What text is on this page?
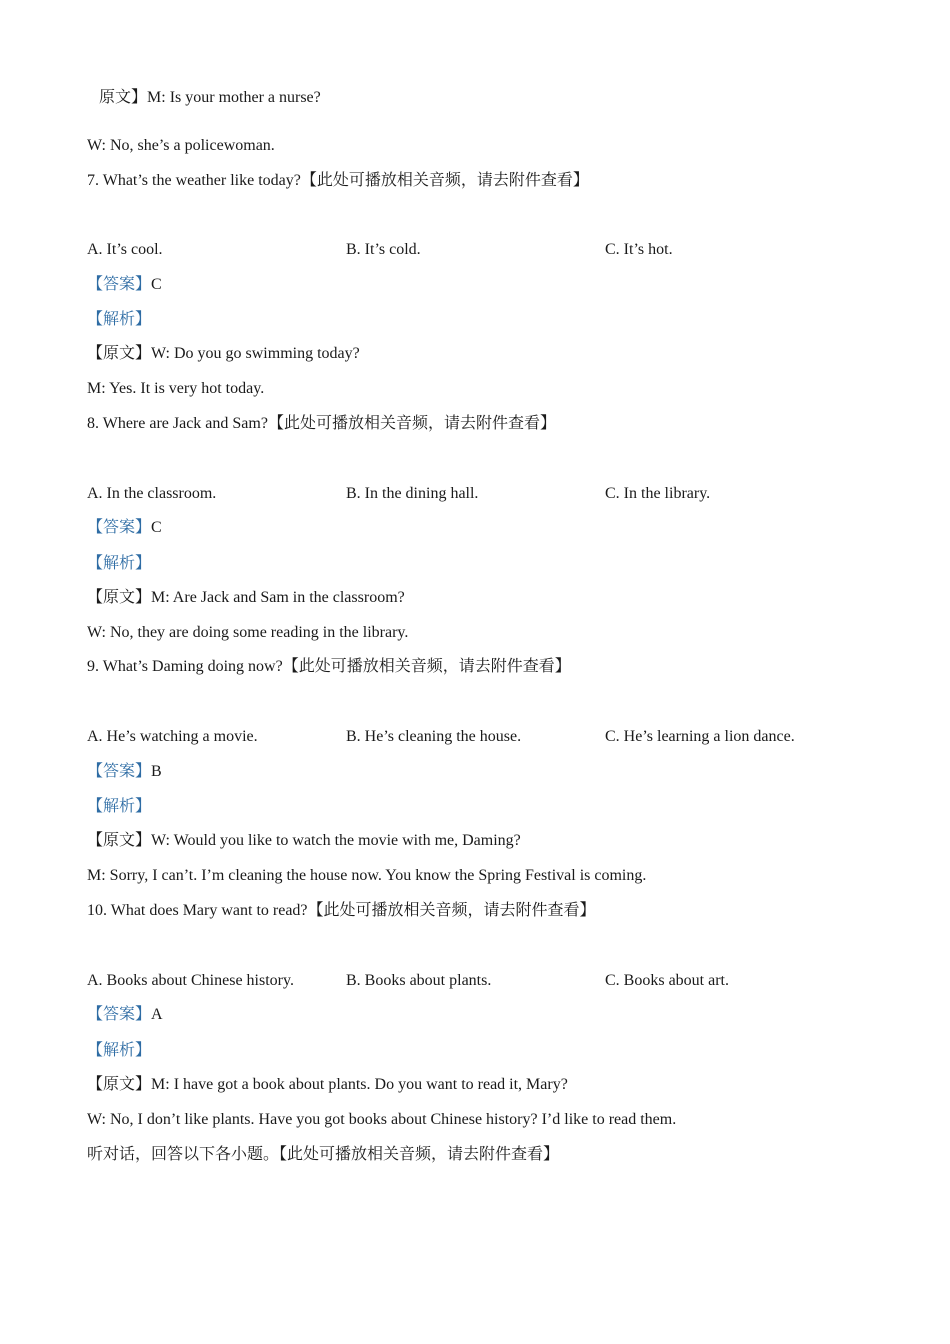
原文】M: Is your mother a nurse?
W: No, she’s a policewoman.
7. What’s the weather like today?【此处可播放相关音频，请去附件查看】
A. It’s cool.	B. It’s cold.	C. It’s hot.
【答案】C
【解析】
【原文】W: Do you go swimming today?
M: Yes. It is very hot today.
8. Where are Jack and Sam?【此处可播放相关音频，请去附件查看】
A. In the classroom.	B. In the dining hall.	C. In the library.
【答案】C
【解析】
【原文】M: Are Jack and Sam in the classroom?
W: No, they are doing some reading in the library.
9. What’s Daming doing now?【此处可播放相关音频，请去附件查看】
A. He’s watching a movie.	B. He’s cleaning the house.	C. He’s learning a lion dance.
【答案】B
【解析】
【原文】W: Would you like to watch the movie with me, Daming?
M: Sorry, I can’t. I’m cleaning the house now. You know the Spring Festival is coming.
10. What does Mary want to read?【此处可播放相关音频，请去附件查看】
A. Books about Chinese history.	B. Books about plants.	C. Books about art.
【答案】A
【解析】
【原文】M: I have got a book about plants. Do you want to read it, Mary?
W: No, I don’t like plants. Have you got books about Chinese history? I’d like to read them.
听对话，回答以下各小题。【此处可播放相关音频，请去附件查看】
